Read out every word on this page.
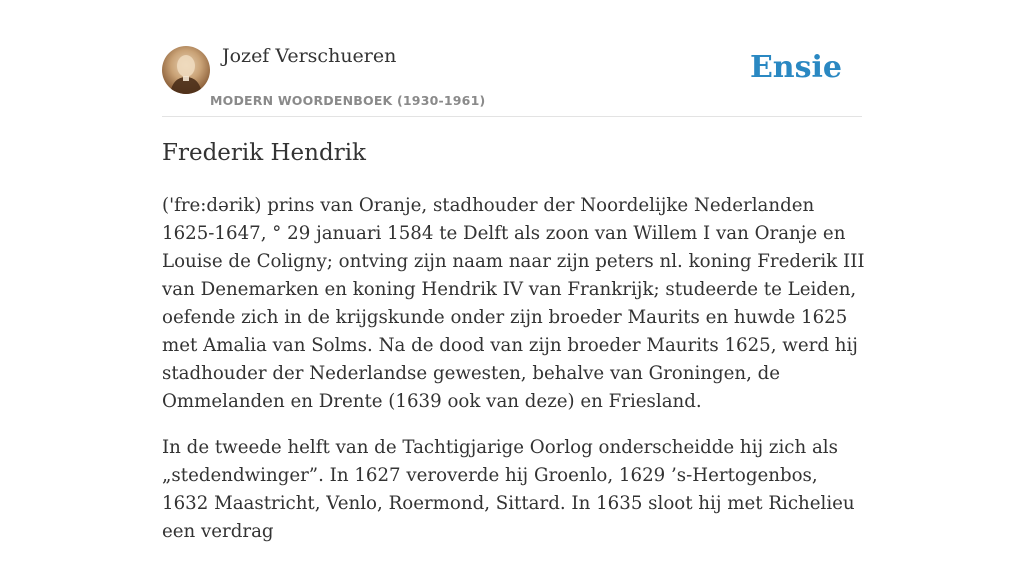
Jozef Verschueren
MODERN WOORDENBOEK (1930-1961)
Ensie
Frederik Hendrik

('fre:dərik) prins van Oranje, stadhouder der Noordelijke Nederlanden 1625-1647, ° 29 januari 1584 te Delft als zoon van Willem I van Oranje en Louise de Coligny; ontving zijn naam naar zijn peters nl. koning Frederik III van Denemarken en koning Hendrik IV van Frankrijk; studeerde te Leiden, oefende zich in de krijgskunde onder zijn broeder Maurits en huwde 1625 met Amalia van Solms. Na de dood van zijn broeder Maurits 1625, werd hij stadhouder der Nederlandse gewesten, behalve van Groningen, de Ommelanden en Drente (1639 ook van deze) en Friesland.

In de tweede helft van de Tachtigjarige Oorlog onderscheidde hij zich als „stedendwinger”. In 1627 veroverde hij Groenlo, 1629 ’s-Hertogenbos, 1632 Maastricht, Venlo, Roermond, Sittard. In 1635 sloot hij met Richelieu een verdrag
